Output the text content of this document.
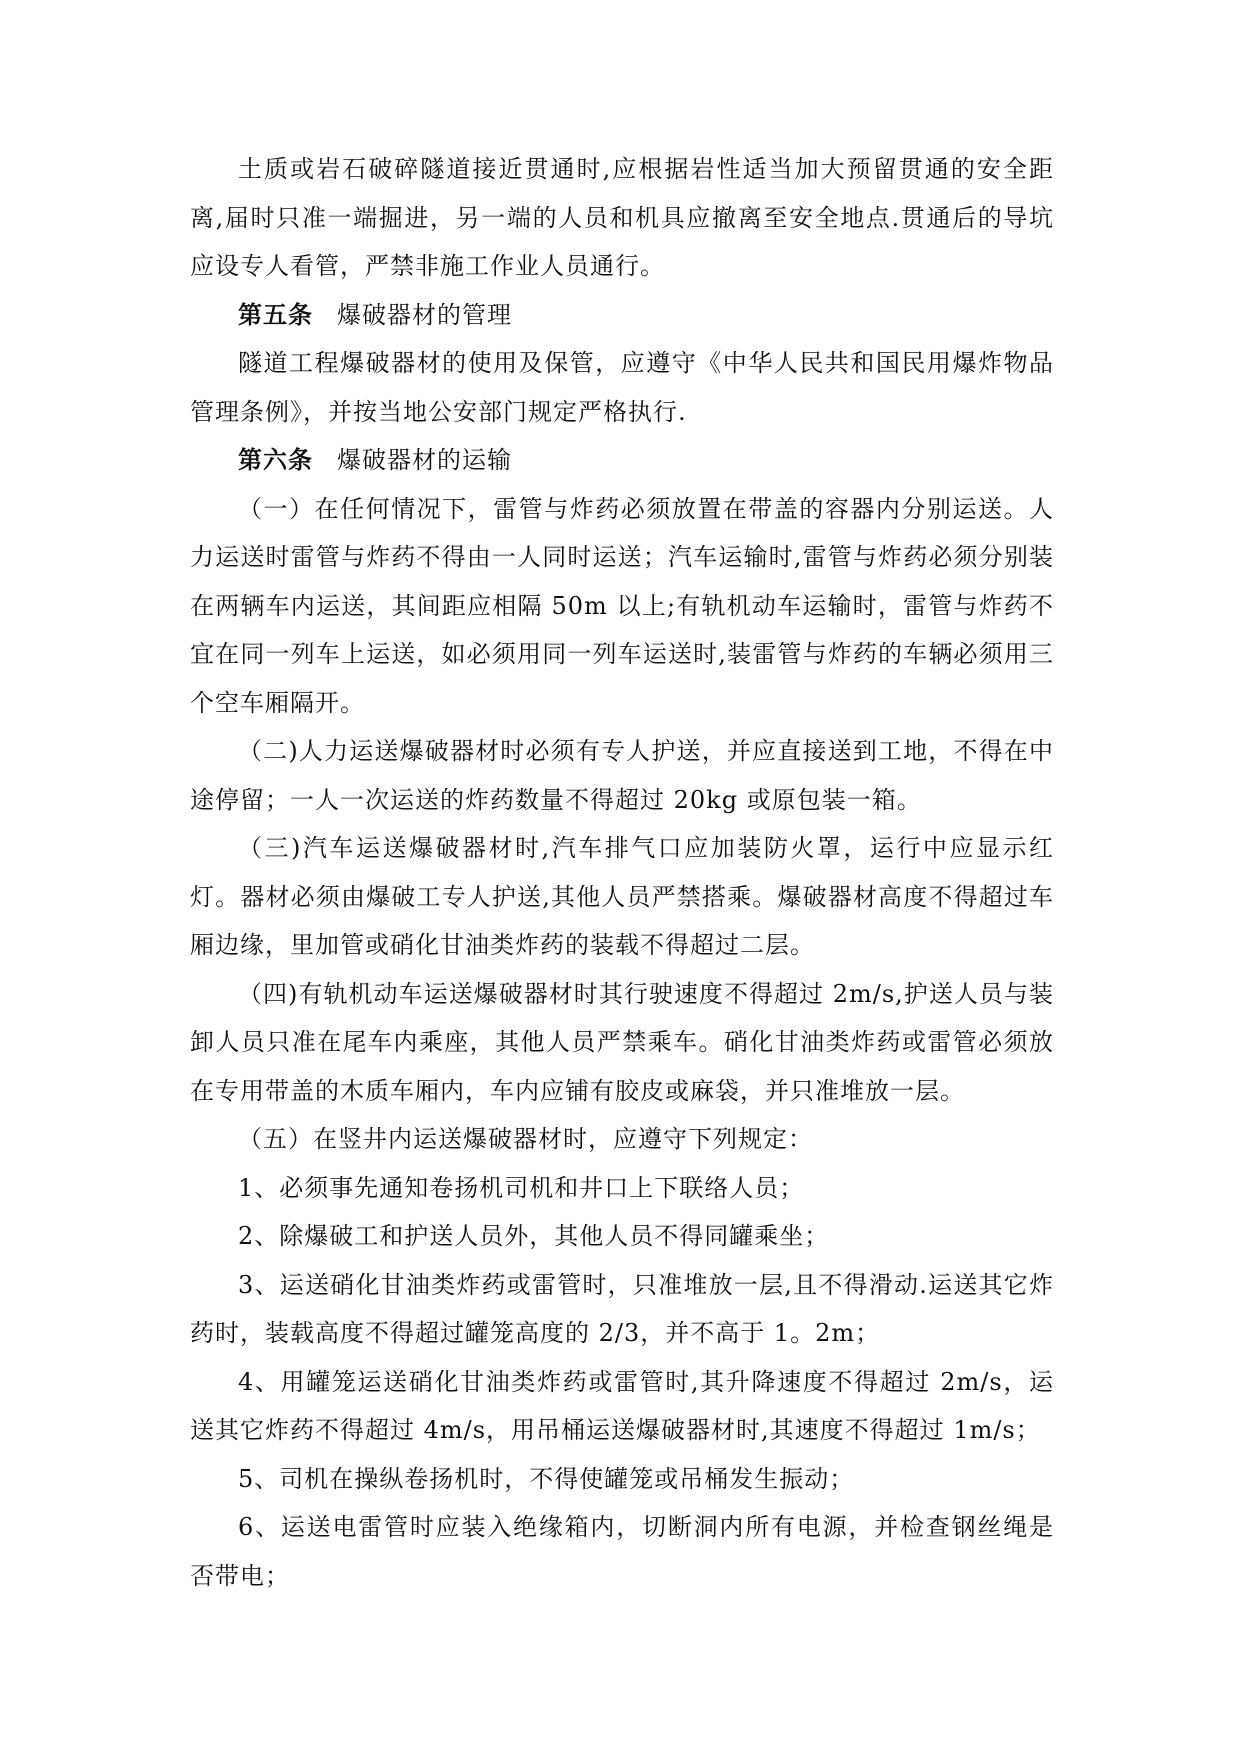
土质或岩石破碎隧道接近贯通时,应根据岩性适当加大预留贯通的安全距离,届时只准一端掘进，另一端的人员和机具应撤离至安全地点.贯通后的导坑应设专人看管，严禁非施工作业人员通行。

第五条 爆破器材的管理

隧道工程爆破器材的使用及保管，应遵守《中华人民共和国民用爆炸物品管理条例》，并按当地公安部门规定严格执行.

第六条 爆破器材的运输

（一）在任何情况下，雷管与炸药必须放置在带盖的容器内分别运送。人力运送时雷管与炸药不得由一人同时运送；汽车运输时,雷管与炸药必须分别装在两辆车内运送，其间距应相隔 50m 以上;有轨机动车运输时，雷管与炸药不宜在同一列车上运送，如必须用同一列车运送时,装雷管与炸药的车辆必须用三个空车厢隔开。

（二)人力运送爆破器材时必须有专人护送，并应直接送到工地，不得在中途停留；一人一次运送的炸药数量不得超过 20kg 或原包装一箱。

（三)汽车运送爆破器材时,汽车排气口应加装防火罩，运行中应显示红灯。器材必须由爆破工专人护送,其他人员严禁搭乘。爆破器材高度不得超过车厢边缘，里加管或硝化甘油类炸药的装载不得超过二层。

（四)有轨机动车运送爆破器材时其行驶速度不得超过 2m/s,护送人员与装卸人员只准在尾车内乘座，其他人员严禁乘车。硝化甘油类炸药或雷管必须放在专用带盖的木质车厢内，车内应铺有胶皮或麻袋，并只准堆放一层。

（五）在竖井内运送爆破器材时，应遵守下列规定：

1、必须事先通知卷扬机司机和井口上下联络人员；

2、除爆破工和护送人员外，其他人员不得同罐乘坐；

3、运送硝化甘油类炸药或雷管时，只准堆放一层,且不得滑动.运送其它炸药时，装载高度不得超过罐笼高度的 2/3，并不高于 1。2m；

4、用罐笼运送硝化甘油类炸药或雷管时,其升降速度不得超过 2m/s，运送其它炸药不得超过 4m/s，用吊桶运送爆破器材时,其速度不得超过 1m/s；

5、司机在操纵卷扬机时，不得使罐笼或吊桶发生振动；

6、运送电雷管时应装入绝缘箱内，切断洞内所有电源，并检查钢丝绳是否带电；
